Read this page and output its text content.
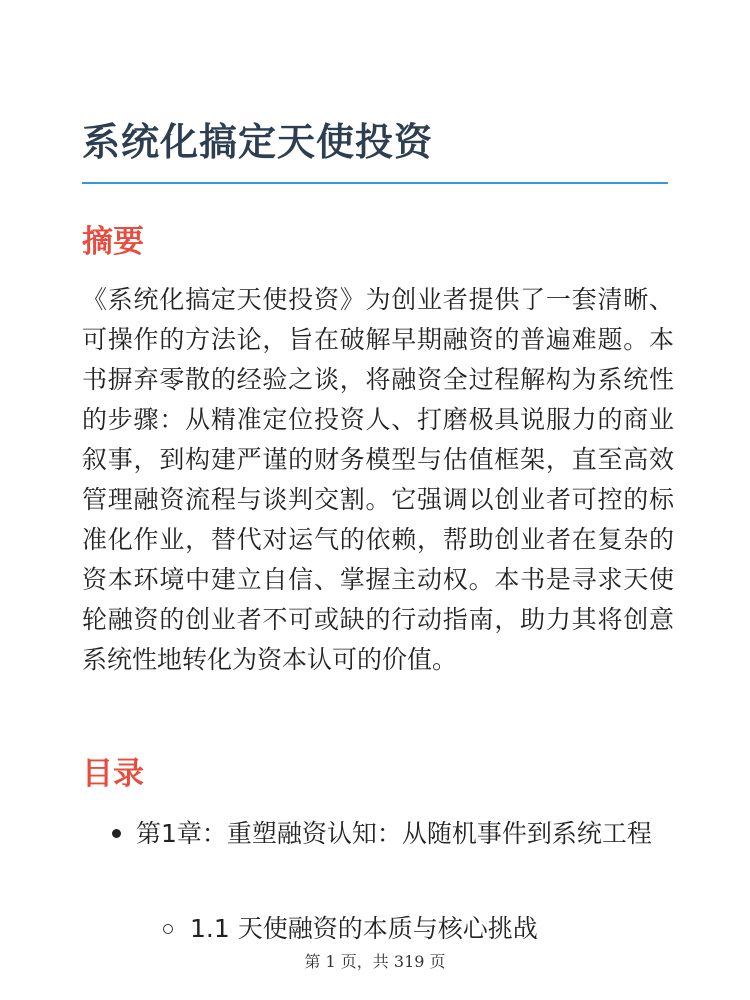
系统化搞定天使投资
摘要

《系统化搞定天使投资》为创业者提供了一套清晰、可操作的方法论，旨在破解早期融资的普遍难题。本书摒弃零散的经验之谈，将融资全过程解构为系统性的步骤：从精准定位投资人、打磨极具说服力的商业叙事，到构建严谨的财务模型与估值框架，直至高效管理融资流程与谈判交割。它强调以创业者可控的标准化作业，替代对运气的依赖，帮助创业者在复杂的资本环境中建立自信、掌握主动权。本书是寻求天使轮融资的创业者不可或缺的行动指南，助力其将创意系统性地转化为资本认可的价值。

目录
第1章：重塑融资认知：从随机事件到系统工程
1.1 天使融资的本质与核心挑战
第 1 页，共 319 页
